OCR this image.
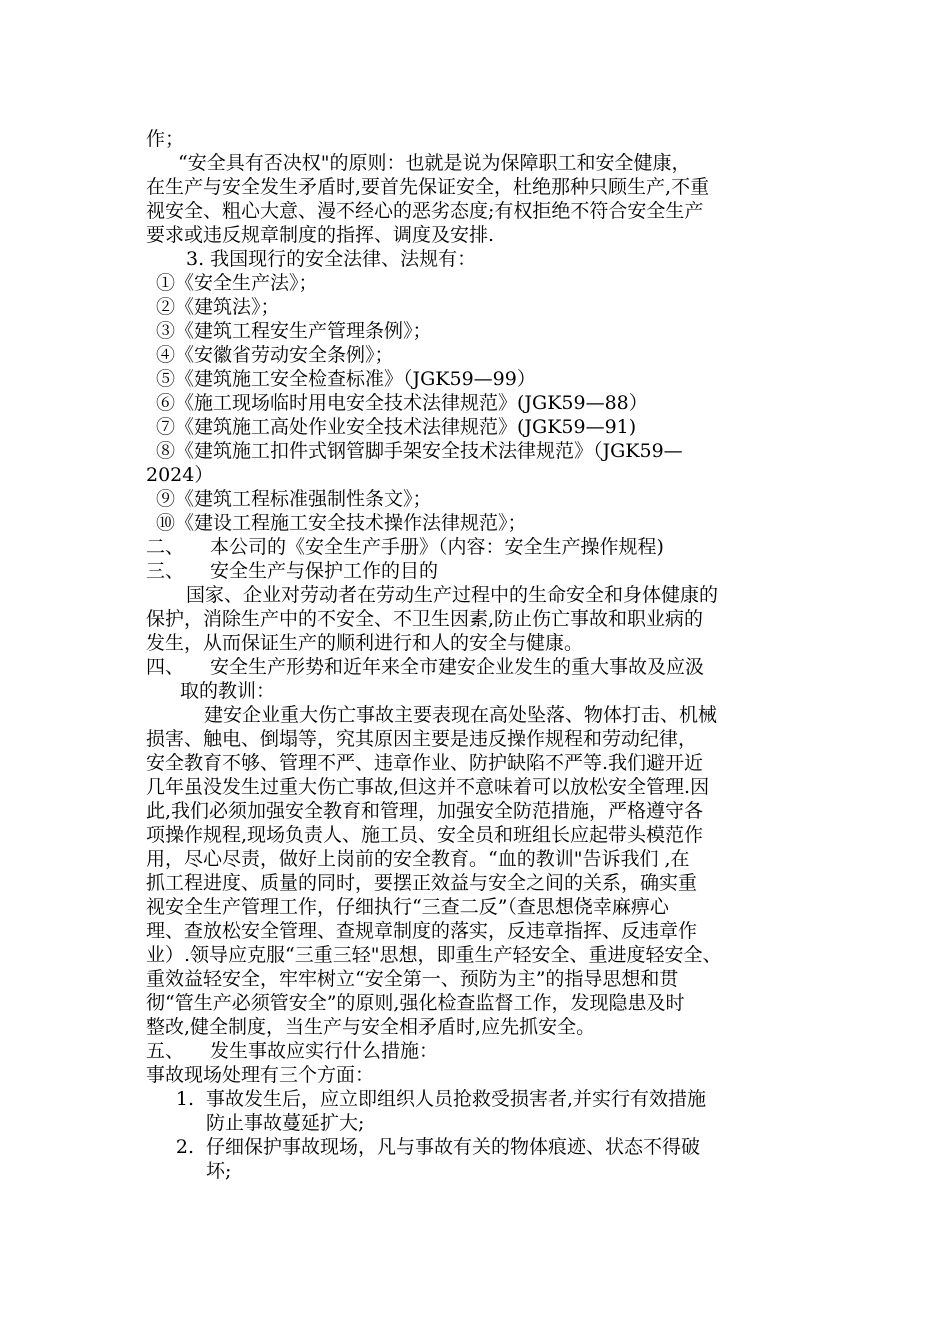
作；

“安全具有否决权"的原则：也就是说为保障职工和安全健康，

在生产与安全发生矛盾时,要首先保证安全，杜绝那种只顾生产,不重

视安全、粗心大意、漫不经心的恶劣态度;有权拒绝不符合安全生产

要求或违反规章制度的指挥、调度及安排.

3. 我国现行的安全法律、法规有：

①《安全生产法》；

②《建筑法》；

③《建筑工程安生产管理条例》；

④《安徽省劳动安全条例》；

⑤《建筑施工安全检查标准》（JGK59—99）

⑥《施工现场临时用电安全技术法律规范》(JGK59—88）

⑦《建筑施工高处作业安全技术法律规范》(JGK59—91)

⑧《建筑施工扣件式钢管脚手架安全技术法律规范》（JGK59—

2024）

⑨《建筑工程标准强制性条文》；

⑩《建设工程施工安全技术操作法律规范》；

二、	本公司的《安全生产手册》（内容：安全生产操作规程)

三、	安全生产与保护工作的目的

国家、企业对劳动者在劳动生产过程中的生命安全和身体健康的

保护，消除生产中的不安全、不卫生因素,防止伤亡事故和职业病的

发生，从而保证生产的顺利进行和人的安全与健康。

四、	安全生产形势和近年来全市建安企业发生的重大事故及应汲

取的教训：

建安企业重大伤亡事故主要表现在高处坠落、物体打击、机械

损害、触电、倒塌等，究其原因主要是违反操作规程和劳动纪律，

安全教育不够、管理不严、违章作业、防护缺陷不严等.我们避开近

几年虽没发生过重大伤亡事故,但这并不意味着可以放松安全管理.因

此,我们必须加强安全教育和管理，加强安全防范措施，严格遵守各

项操作规程,现场负责人、施工员、安全员和班组长应起带头模范作

用，尽心尽责，做好上岗前的安全教育。“血的教训"告诉我们 ,在

抓工程进度、质量的同时，要摆正效益与安全之间的关系，确实重

视安全生产管理工作，仔细执行“三查二反”（查思想侥幸麻痹心

理、查放松安全管理、查规章制度的落实，反违章指挥、反违章作

业）.领导应克服“三重三轻"思想，即重生产轻安全、重进度轻安全、

重效益轻安全，牢牢树立“安全第一、预防为主”的指导思想和贯

彻“管生产必须管安全”的原则,强化检查监督工作，发现隐患及时

整改,健全制度，当生产与安全相矛盾时,应先抓安全。

五、	发生事故应实行什么措施：

事故现场处理有三个方面：

1. 事故发生后，应立即组织人员抢救受损害者,并实行有效措施

防止事故蔓延扩大;

2. 仔细保护事故现场，凡与事故有关的物体痕迹、状态不得破

坏;
